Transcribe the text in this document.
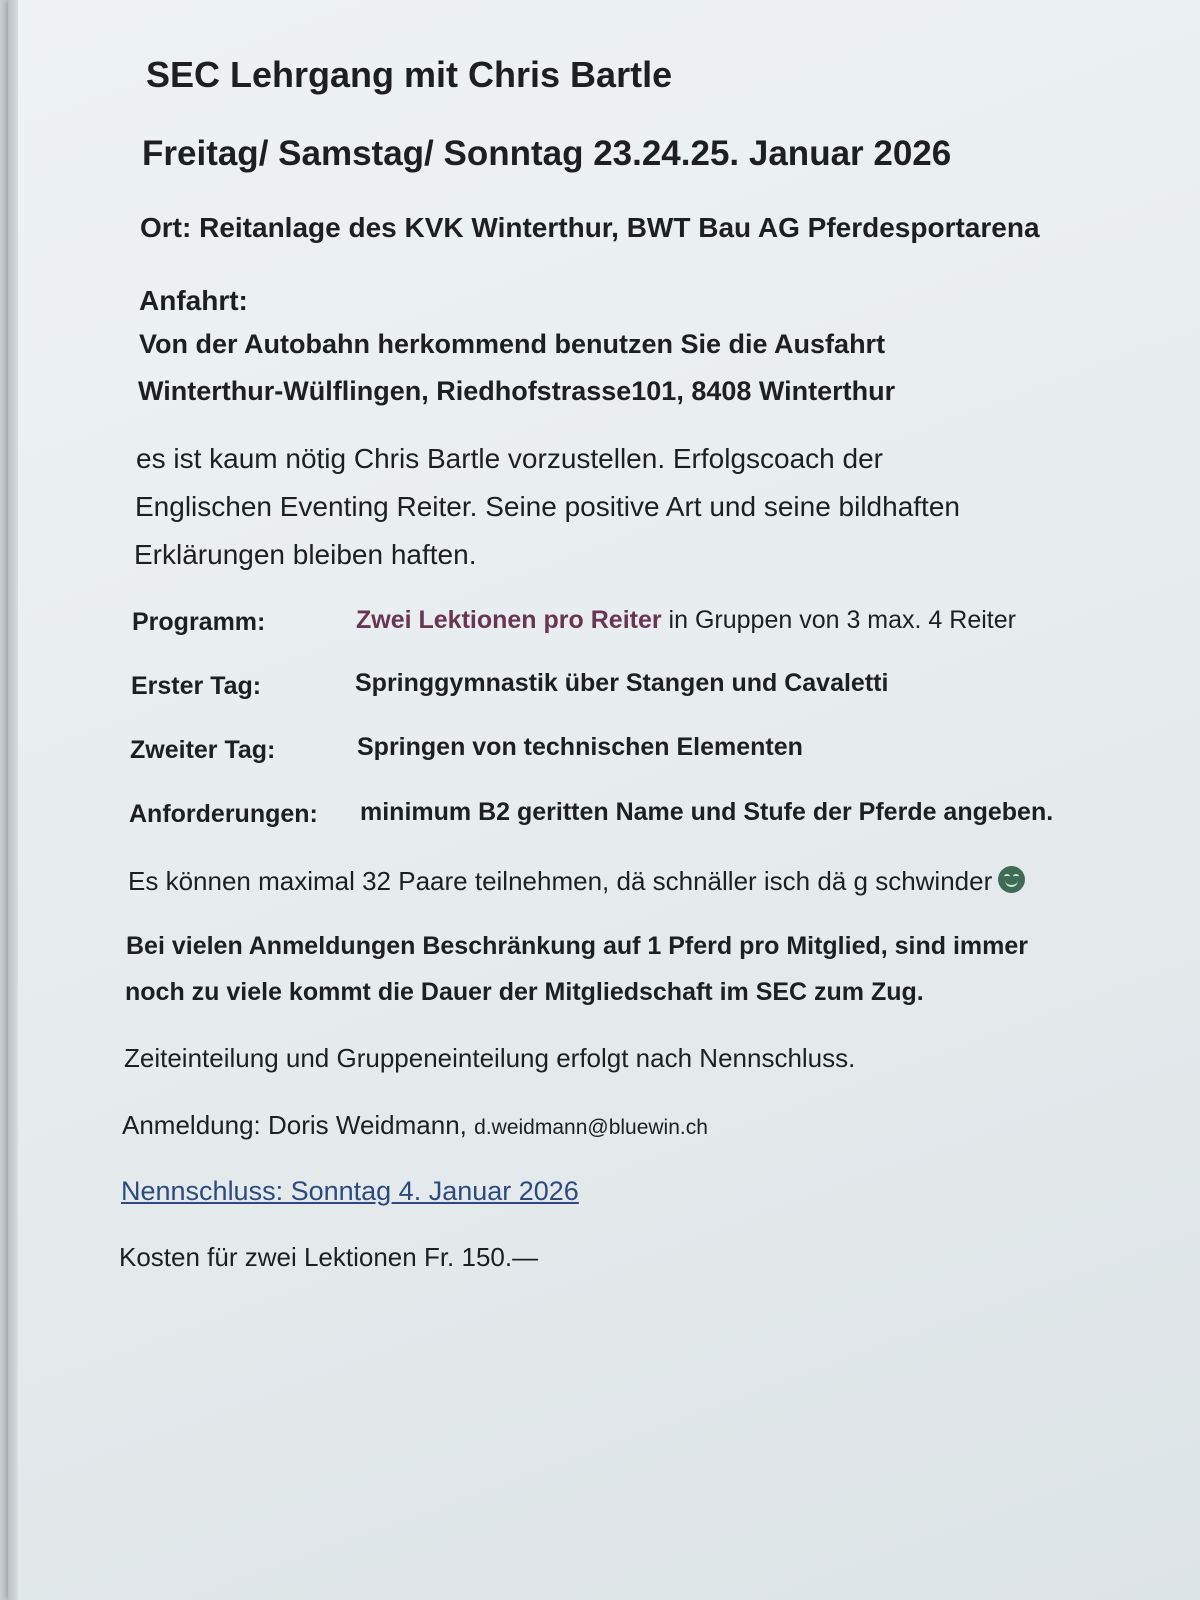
SEC Lehrgang mit Chris Bartle

Freitag/ Samstag/ Sonntag 23.24.25. Januar 2026

Ort: Reitanlage des KVK Winterthur, BWT Bau AG Pferdesportarena

Anfahrt:

Von der Autobahn herkommend benutzen Sie die Ausfahrt

Winterthur-Wülflingen, Riedhofstrasse101, 8408 Winterthur

es ist kaum nötig Chris Bartle vorzustellen. Erfolgscoach der

Englischen Eventing Reiter. Seine positive Art und seine bildhaften

Erklärungen bleiben haften.

Programm:	Zwei Lektionen pro Reiter in Gruppen von 3 max. 4 Reiter
Erster Tag:	Springgymnastik über Stangen und Cavaletti
Zweiter Tag:	Springen von technischen Elementen
Anforderungen: minimum B2 geritten Name und Stufe der Pferde angeben.

Es können maximal 32 Paare teilnehmen, dä schnäller isch dä g schwinder

Bei vielen Anmeldungen Beschränkung auf 1 Pferd pro Mitglied, sind immer

noch zu viele kommt die Dauer der Mitgliedschaft im SEC zum Zug.

Zeiteinteilung und Gruppeneinteilung erfolgt nach Nennschluss.

Anmeldung: Doris Weidmann, d.weidmann@bluewin.ch

Nennschluss: Sonntag 4. Januar 2026

Kosten für zwei Lektionen Fr. 150.—
